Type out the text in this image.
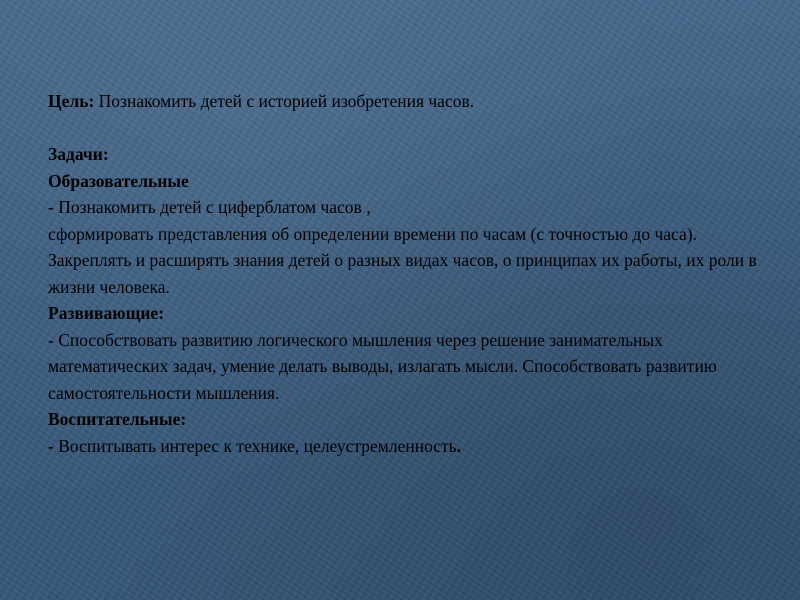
Цель: Познакомить детей с историей изобретения часов.

Задачи:

Образовательные

- Познакомить детей с циферблатом часов ,

сформировать представления об определении времени по часам (с точностью до часа). Закреплять и расширять знания детей о разных видах часов, о принципах их работы, их роли в жизни человека.

Развивающие:

- Способствовать развитию логического мышления через решение занимательных математических задач, умение делать выводы, излагать мысли. Способствовать развитию самостоятельности мышления.

Воспитательные:

- Воспитывать интерес к технике, целеустремленность.
